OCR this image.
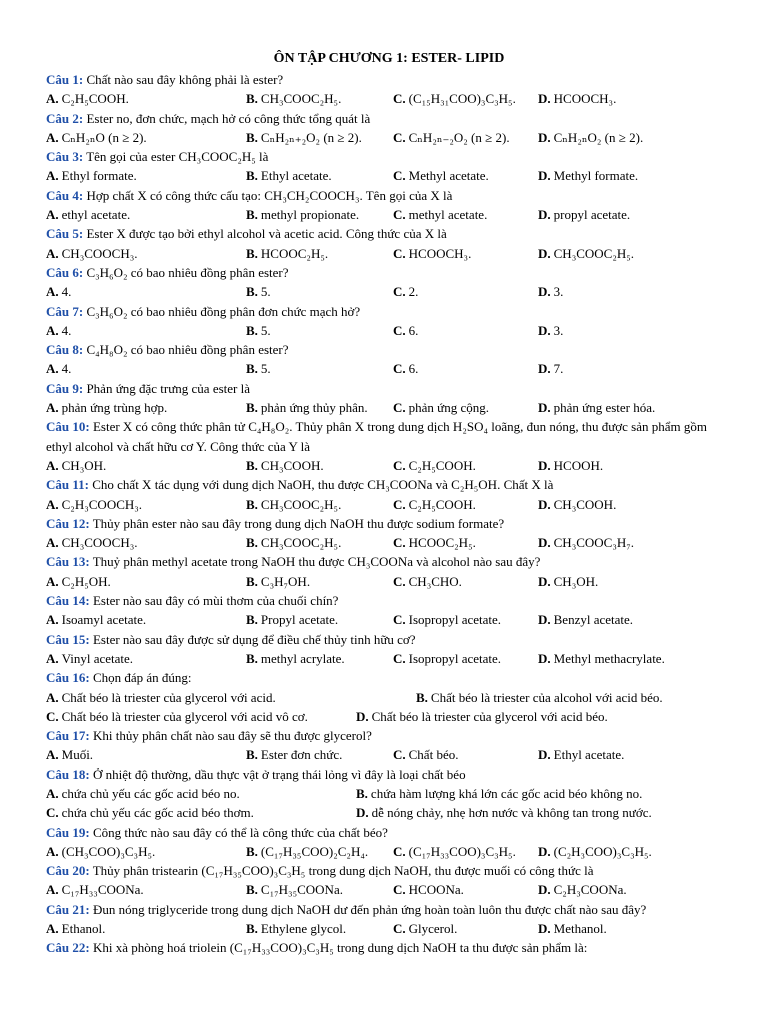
ÔN TẬP CHƯƠNG 1: ESTER- LIPID
Câu 1: Chất nào sau đây không phải là ester?
A. C₂H₅COOH.	B. CH₃COOC₂H₅.	C. (C₁₅H₃₁COO)₃C₃H₅.	D. HCOOCH₃.
Câu 2: Ester no, đơn chức, mạch hở có công thức tổng quát là
A. CₙH₂ₙO (n ≥ 2).	B. CₙH₂ₙ₊₂O₂ (n ≥ 2).	C. CₙH₂ₙ₋₂O₂ (n ≥ 2).	D. CₙH₂ₙO₂ (n ≥ 2).
Câu 3: Tên gọi của ester CH₃COOC₂H₅ là
A. Ethyl formate.	B. Ethyl acetate.	C. Methyl acetate.	D. Methyl formate.
Câu 4: Hợp chất X có công thức cấu tạo: CH₃CH₂COOCH₃. Tên gọi của X là
A. ethyl acetate.	B. methyl propionate.	C. methyl acetate.	D. propyl acetate.
Câu 5: Ester X được tạo bởi ethyl alcohol và acetic acid. Công thức của X là
A. CH₃COOCH₃.	B. HCOOC₂H₅.	C. HCOOCH₃.	D. CH₃COOC₂H₅.
Câu 6: C₃H₆O₂ có bao nhiêu đồng phân ester?
A. 4.	B. 5.	C. 2.	D. 3.
Câu 7: C₃H₆O₂ có bao nhiêu đồng phân đơn chức mạch hở?
A. 4.	B. 5.	C. 6.	D. 3.
Câu 8: C₄H₈O₂ có bao nhiêu đồng phân ester?
A. 4.	B. 5.	C. 6.	D. 7.
Câu 9: Phản ứng đặc trưng của ester là
A. phản ứng trùng hợp.	B. phản ứng thủy phân.	C. phản ứng cộng.	D. phản ứng ester hóa.
Câu 10: Ester X có công thức phân tử C₄H₈O₂. Thủy phân X trong dung dịch H₂SO₄ loãng, đun nóng, thu được sản phẩm gồm ethyl alcohol và chất hữu cơ Y. Công thức của Y là
A. CH₃OH.	B. CH₃COOH.	C. C₂H₅COOH.	D. HCOOH.
Câu 11: Cho chất X tác dụng với dung dịch NaOH, thu được CH₃COONa và C₂H₅OH. Chất X là
A. C₂H₃COOCH₃.	B. CH₃COOC₂H₅.	C. C₂H₅COOH.	D. CH₃COOH.
Câu 12: Thủy phân ester nào sau đây trong dung dịch NaOH thu được sodium formate?
A. CH₃COOCH₃.	B. CH₃COOC₂H₅.	C. HCOOC₂H₅.	D. CH₃COOC₃H₇.
Câu 13: Thuỷ phân methyl acetate trong NaOH thu được CH₃COONa và alcohol nào sau đây?
A. C₂H₅OH.	B. C₃H₇OH.	C. CH₃CHO.	D. CH₃OH.
Câu 14: Ester nào sau đây có mùi thơm của chuối chín?
A. Isoamyl acetate.	B. Propyl acetate.	C. Isopropyl acetate.	D. Benzyl acetate.
Câu 15: Ester nào sau đây được sử dụng để điều chế thủy tinh hữu cơ?
A. Vinyl acetate.	B. methyl acrylate.	C. Isopropyl acetate.	D. Methyl methacrylate.
Câu 16: Chọn đáp án đúng:
A. Chất béo là triester của glycerol với acid.	B. Chất béo là triester của alcohol với acid béo.
C. Chất béo là triester của glycerol với acid vô cơ.	D. Chất béo là triester của glycerol với acid béo.
Câu 17: Khi thủy phân chất nào sau đây sẽ thu được glycerol?
A. Muối.	B. Ester đơn chức.	C. Chất béo.	D. Ethyl acetate.
Câu 18: Ở nhiệt độ thường, dầu thực vật ở trạng thái lỏng vì đây là loại chất béo
A. chứa chủ yếu các gốc acid béo no.	B. chứa hàm lượng khá lớn các gốc acid béo không no.
C. chứa chủ yếu các gốc acid béo thơm.	D. dễ nóng chảy, nhẹ hơn nước và không tan trong nước.
Câu 19: Công thức nào sau đây có thể là công thức của chất béo?
A. (CH₃COO)₃C₃H₅.	B. (C₁₇H₃₅COO)₂C₂H₄.	C. (C₁₇H₃₃COO)₃C₃H₅.	D. (C₂H₃COO)₃C₃H₅.
Câu 20: Thủy phân tristearin (C₁₇H₃₅COO)₃C₃H₅ trong dung dịch NaOH, thu được muối có công thức là
A. C₁₇H₃₃COONa.	B. C₁₇H₃₅COONa.	C. HCOONa.	D. C₂H₃COONa.
Câu 21: Đun nóng triglyceride trong dung dịch NaOH dư đến phản ứng hoàn toàn luôn thu được chất nào sau đây?
A. Ethanol.	B. Ethylene glycol.	C. Glycerol.	D. Methanol.
Câu 22: Khi xà phòng hoá triolein (C₁₇H₃₃COO)₃C₃H₅ trong dung dịch NaOH ta thu được sản phẩm là:
